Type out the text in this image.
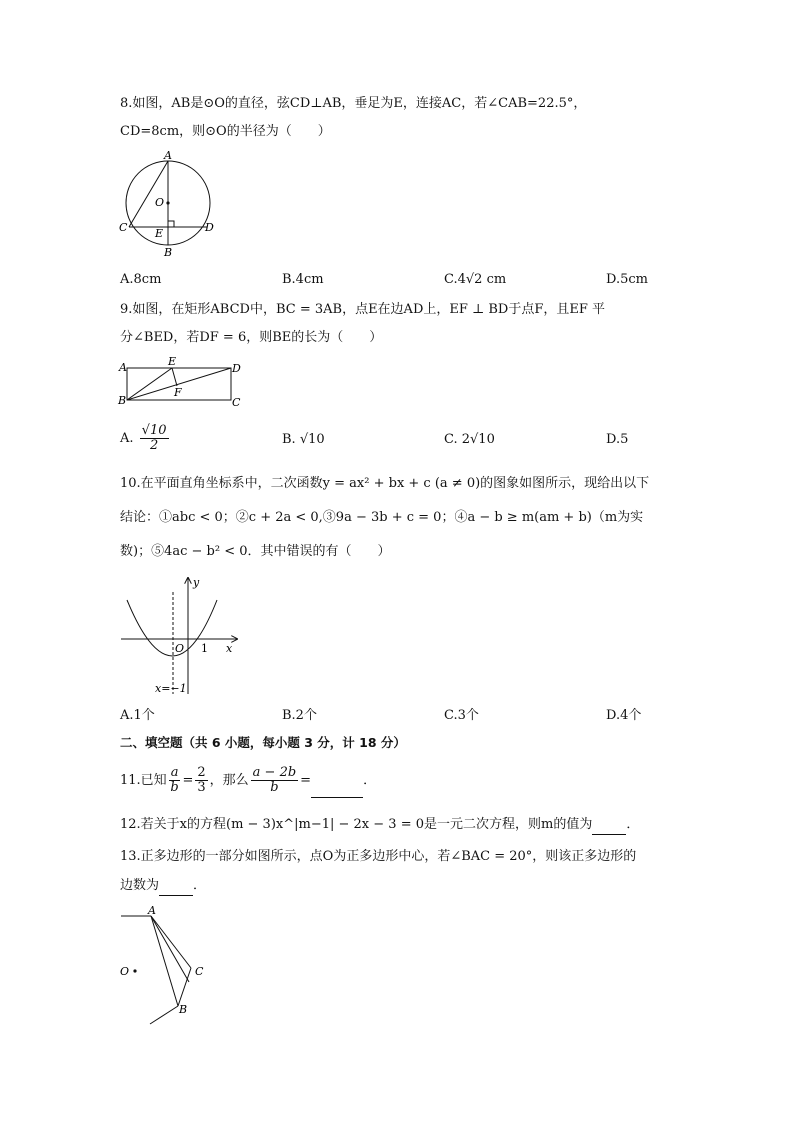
8.如图，AB是⊙O的直径，弦CD⊥AB，垂足为E，连接AC，若∠CAB=22.5°，
CD=8cm，则⊙O的半径为（　　）
A
O
C	E	D
B
A.8cm	B.4cm	C.4√2 cm	D.5cm
9.如图，在矩形ABCD中，BC = 3AB，点E在边AD上，EF ⊥ BD于点F，且EF 平
分∠BED，若DF = 6，则BE的长为（　　）
A	E
D
F
B	C
A. $\frac{√10}{2}$	B. √10	C. 2√10	D.5
10.在平面直角坐标系中，二次函数y = ax² + bx + c (a ≠ 0)的图象如图所示，现给出以下
结论：①abc < 0；②c + 2a < 0,③9a − 3b + c = 0；④a − b ≥ m(am + b)（m为实
数)；⑤4ac − b² < 0．其中错误的有（　　）
y
x
O 1
x=−1
A.1个	B.2个	C.3个	D.4个
二、填空题（共 6 小题，每小题 3 分，计 18 分）
11.已知 $\frac{a}{b} = \frac{2}{3}$ ，那么 $\frac{a - 2b}{b}$ =	．
12.若关于x的方程(m − 3)x^|m−1| − 2x − 3 = 0是一元二次方程，则m的值为	．
13.正多边形的一部分如图所示，点O为正多边形中心，若∠BAC = 20°，则该正多边形的
边数为	．
A
O	C
B
